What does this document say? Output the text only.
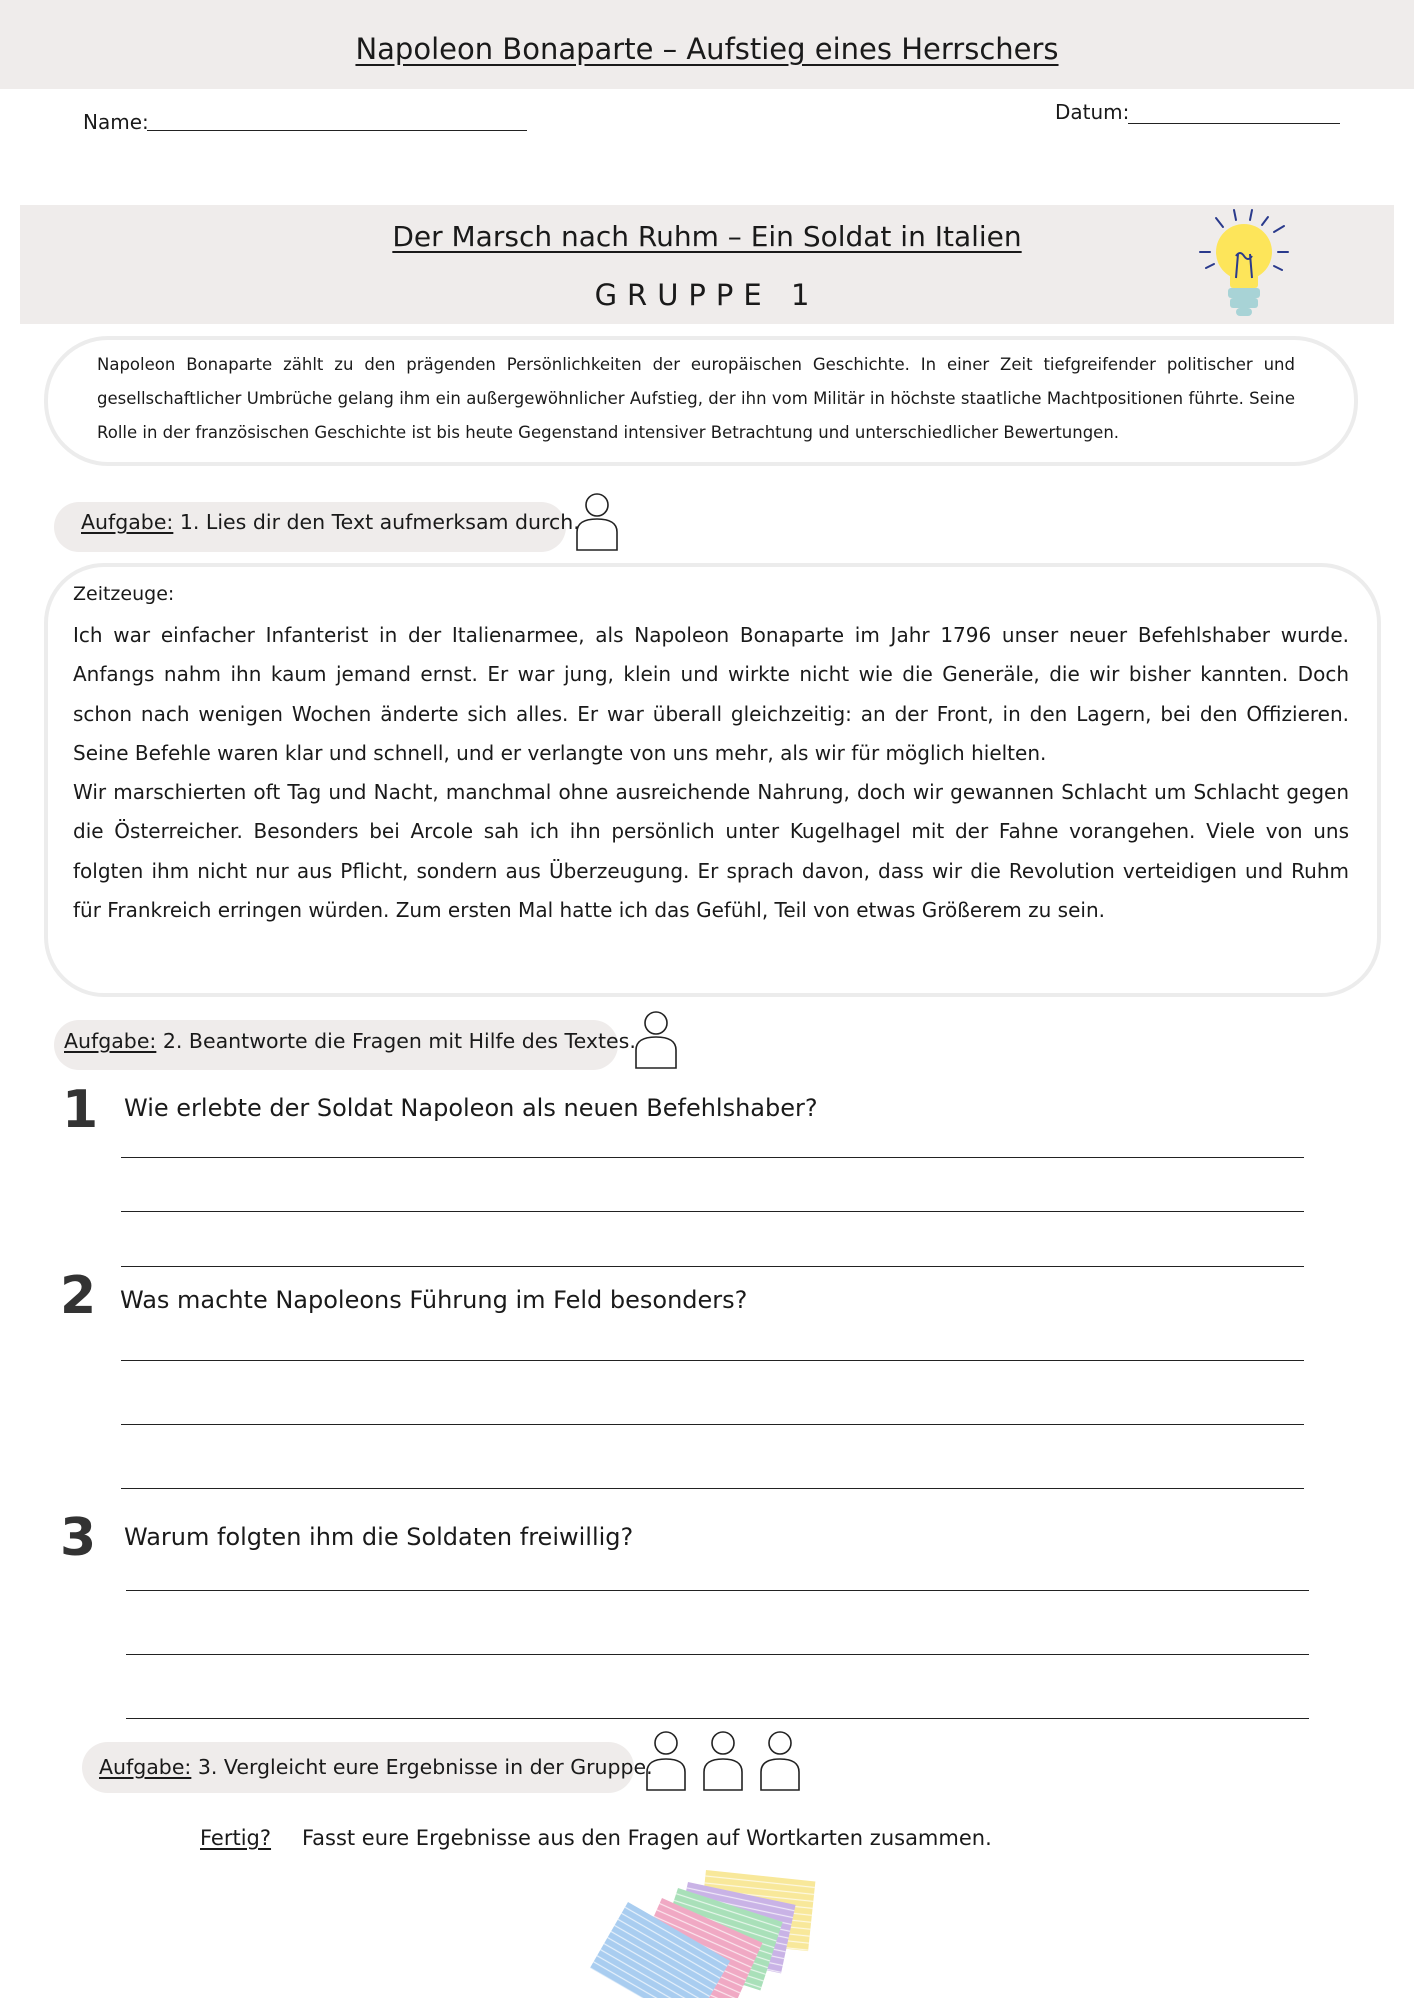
Napoleon Bonaparte – Aufstieg eines Herrschers
Name:	Datum:
Der Marsch nach Ruhm – Ein Soldat in Italien
GRUPPE 1
Napoleon Bonaparte zählt zu den prägenden Persönlichkeiten der europäischen Geschichte. In einer Zeit tiefgreifender politischer und gesellschaftlicher Umbrüche gelang ihm ein außergewöhnlicher Aufstieg, der ihn vom Militär in höchste staatliche Machtpositionen führte. Seine Rolle in der französischen Geschichte ist bis heute Gegenstand intensiver Betrachtung und unterschiedlicher Bewertungen.
Aufgabe: 1. Lies dir den Text aufmerksam durch.
Zeitzeuge:
Ich war einfacher Infanterist in der Italienarmee, als Napoleon Bonaparte im Jahr 1796 unser neuer Befehlshaber wurde. Anfangs nahm ihn kaum jemand ernst. Er war jung, klein und wirkte nicht wie die Generäle, die wir bisher kannten. Doch schon nach wenigen Wochen änderte sich alles. Er war überall gleichzeitig: an der Front, in den Lagern, bei den Offizieren. Seine Befehle waren klar und schnell, und er verlangte von uns mehr, als wir für möglich hielten.
Wir marschierten oft Tag und Nacht, manchmal ohne ausreichende Nahrung, doch wir gewannen Schlacht um Schlacht gegen die Österreicher. Besonders bei Arcole sah ich ihn persönlich unter Kugelhagel mit der Fahne vorangehen. Viele von uns folgten ihm nicht nur aus Pflicht, sondern aus Überzeugung. Er sprach davon, dass wir die Revolution verteidigen und Ruhm für Frankreich erringen würden. Zum ersten Mal hatte ich das Gefühl, Teil von etwas Größerem zu sein.
Aufgabe: 2. Beantworte die Fragen mit Hilfe des Textes.
1 Wie erlebte der Soldat Napoleon als neuen Befehlshaber?
2 Was machte Napoleons Führung im Feld besonders?
3 Warum folgten ihm die Soldaten freiwillig?
Aufgabe: 3. Vergleicht eure Ergebnisse in der Gruppe.
Fertig? Fasst eure Ergebnisse aus den Fragen auf Wortkarten zusammen.
